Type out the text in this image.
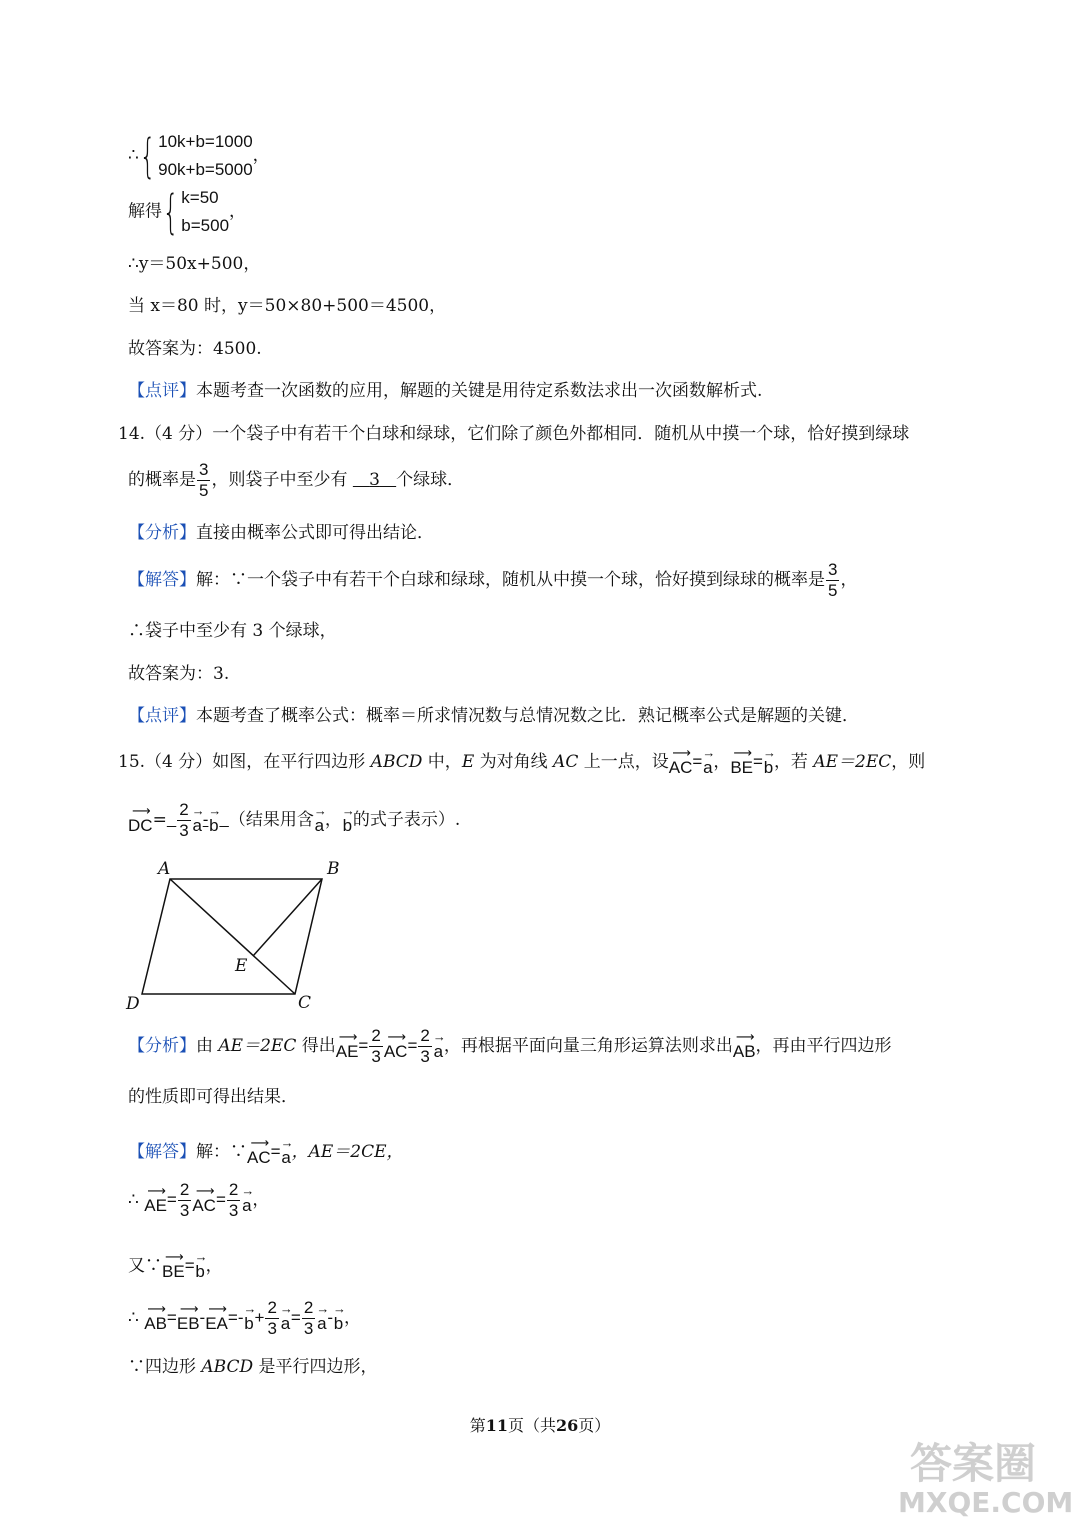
∴{ 10k+b=1000
90k+b=5000
，
解得{ k=50
b=500
，
∴y＝50x+500，
当 x＝80 时，y＝50×80+500＝4500，
故答案为：4500.
【点评】本题考查一次函数的应用，解题的关键是用待定系数法求出一次函数解析式.
14.（4 分）一个袋子中有若干个白球和绿球，它们除了颜色外都相同．随机从中摸一个球，恰好摸到绿球
的概率是 $\frac{3}{5}$ ，则袋子中至少有 3 个绿球．
【分析】直接由概率公式即可得出结论．
【解答】解：∵一个袋子中有若干个白球和绿球，随机从中摸一个球，恰好摸到绿球的概率是 $\frac{3}{5}$ ，
∴袋子中至少有 3 个绿球，
故答案为：3.
【点评】本题考查了概率公式：概率＝所求情况数与总情况数之比．熟记概率公式是解题的关键．
15.（4 分）如图，在平行四边形 ABCD 中，E 为对角线 AC 上一点，设 ⟶
AC = →
a ， ⟶
BE = →
b ，若 AE＝2EC，则
⟶
DC = $\frac{2}{3}$ →
a - →
b （结果用含 →
a ， →
b 的式子表示）.
A	B
C
D
E
【分析】由 AE＝2EC 得出 ⟶
AE = $\frac{2}{3}$ ⟶
AC = $\frac{2}{3}$ →
a ，再根据平面向量三角形运算法则求出 ⟶
AB ，再由平行四边形
的性质即可得出结果．
【解答】解：∵ ⟶
AC = →
a ，AE＝2CE，
∴ ⟶
AE = $\frac{2}{3}$ ⟶
AC = $\frac{2}{3}$ →
a ，
又∵ ⟶
BE = →
b ，
∴ ⟶
AB = ⟶
EB - ⟶
EA =- →
$b + \frac{2}{3}$ →
$a = \frac{2}{3}$ →
a - →
b ，
∵四边形 ABCD 是平行四边形，
第11页（共26页）
答案圈
MXQE.COM
